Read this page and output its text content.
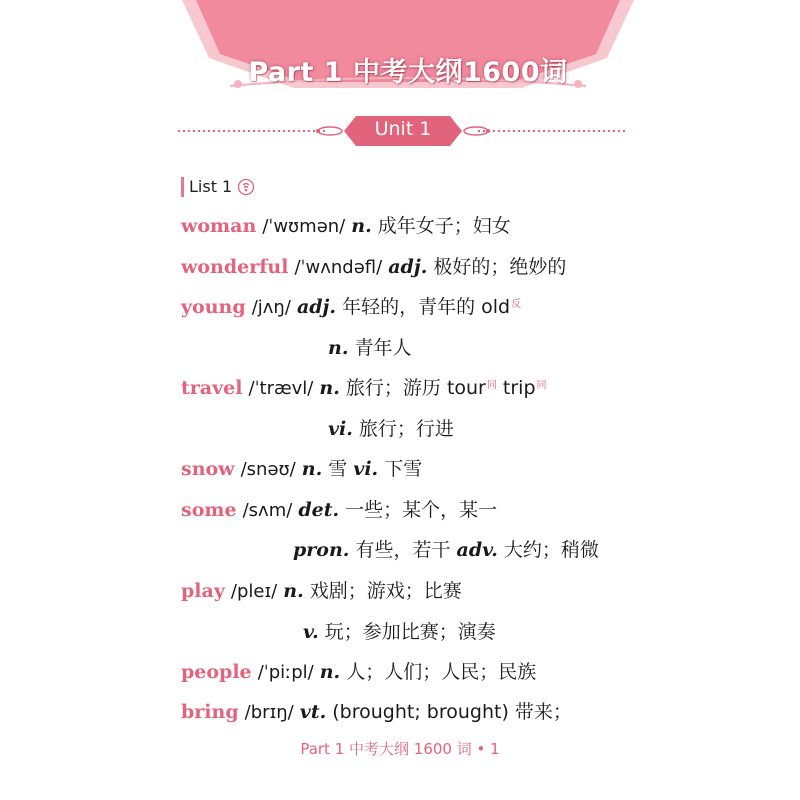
Part 1 中考大纲1600词
Unit 1
List 1
woman /ˈwʊmən/ n. 成年女子；妇女
wonderful /ˈwʌndəfl/ adj. 极好的；绝妙的
young /jʌŋ/ adj. 年轻的，青年的 old$^反$
n. 青年人
travel /ˈtrævl/ n. 旅行；游历 tour$^同$ trip$^同$
vi. 旅行；行进
snow /snəʊ/ n. 雪 vi. 下雪
some /sʌm/ det. 一些；某个，某一
pron. 有些，若干 adv. 大约；稍微
play /pleɪ/ n. 戏剧；游戏；比赛
v. 玩；参加比赛；演奏
people /ˈpiːpl/ n. 人；人们；人民；民族
bring /brɪŋ/ vt. (brought; brought) 带来；
Part 1 中考大纲 1600 词 • 1
